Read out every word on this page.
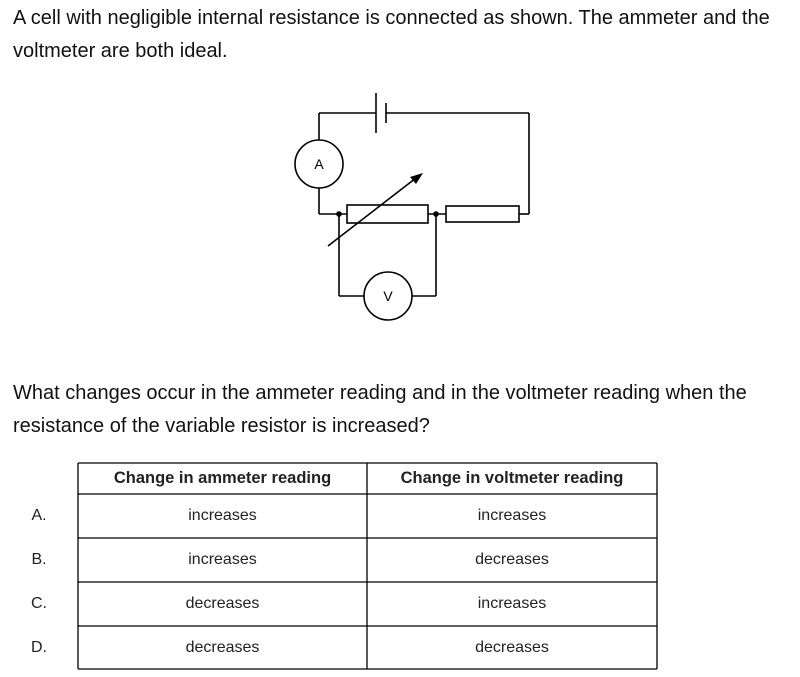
A cell with negligible internal resistance is connected as shown. The ammeter and the voltmeter are both ideal.

A
V

What changes occur in the ammeter reading and in the voltmeter reading when the resistance of the variable resistor is increased?

Change in ammeter reading	Change in voltmeter reading
A.	increases	increases
B.	increases	decreases
C.	decreases	increases
D.	decreases	decreases
